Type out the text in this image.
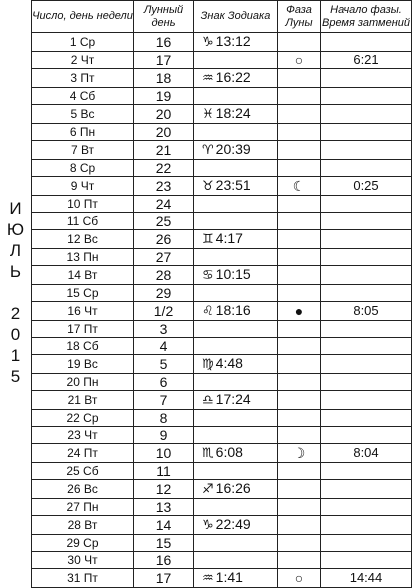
И
Ю
Л
Ь

2
0
1
5
Число, день недели	Лунный день	Знак Зодиака	Фаза Луны	Начало фазы. Время затмений
1 Ср	16	♑ 13:12		
2 Чт	17		○	6:21
3 Пт	18	♒ 16:22		
4 Сб	19			
5 Вс	20	♓ 18:24		
6 Пн	20			
7 Вт	21	♈ 20:39		
8 Ср	22			
9 Чт	23	♉ 23:51	☾	0:25
10 Пт	24			
11 Сб	25			
12 Вс	26	♊ 4:17		
13 Пн	27			
14 Вт	28	♋ 10:15		
15 Ср	29			
16 Чт	1/2	♌ 18:16	●	8:05
17 Пт	3			
18 Сб	4			
19 Вс	5	♍ 4:48		
20 Пн	6			
21 Вт	7	♎ 17:24		
22 Ср	8			
23 Чт	9			
24 Пт	10	♏ 6:08	☽	8:04
25 Сб	11			
26 Вс	12	♐ 16:26		
27 Пн	13			
28 Вт	14	♑ 22:49		
29 Ср	15			
30 Чт	16			
31 Пт	17	♒ 1:41	○	14:44
